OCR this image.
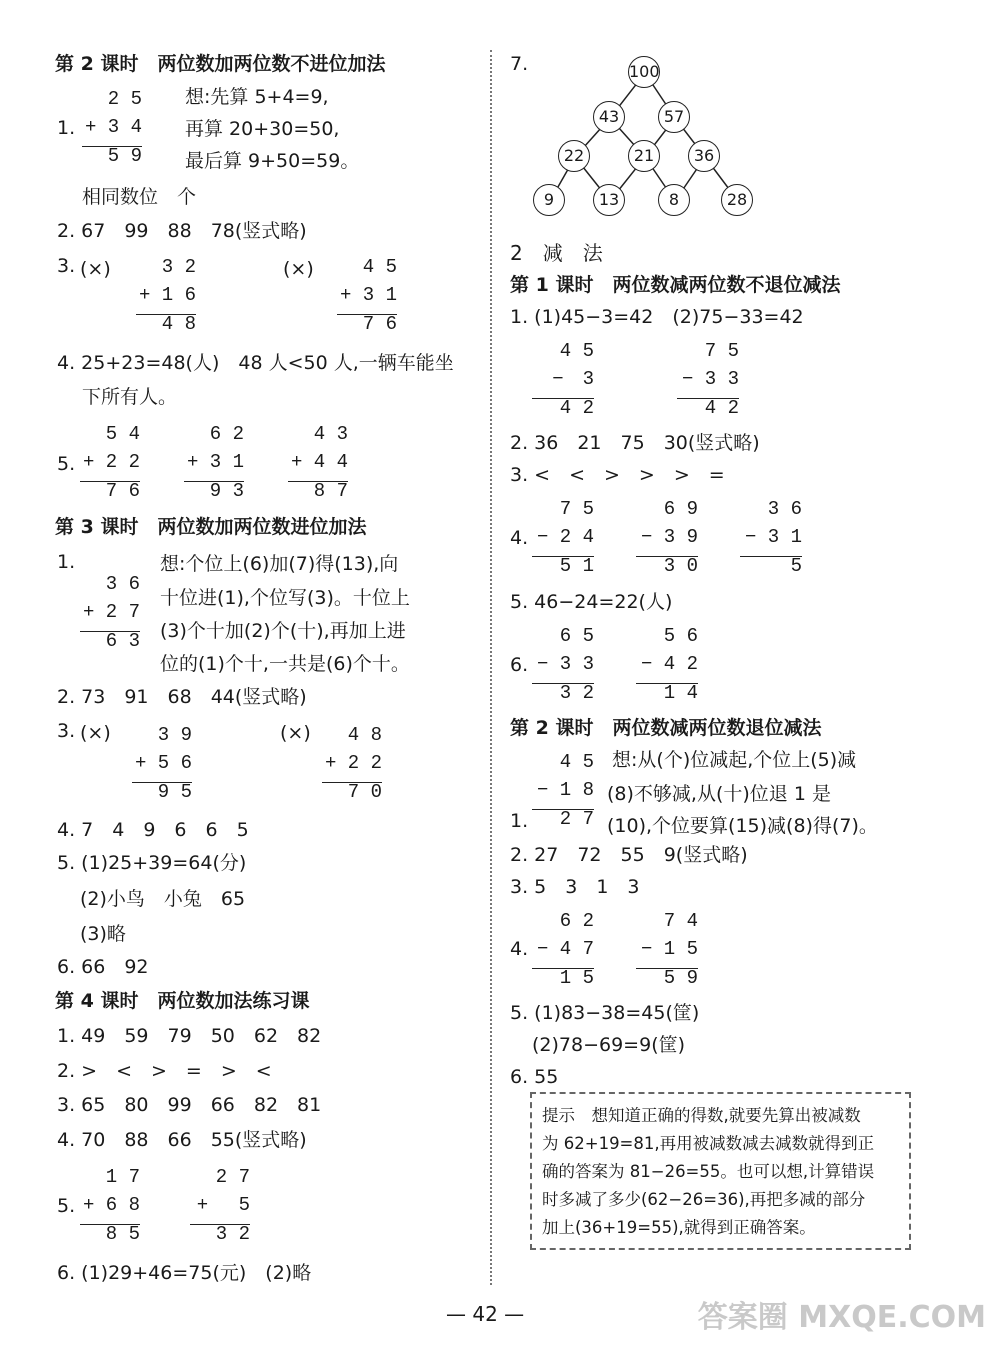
第 2 课时　两位数加两位数不进位加法
1.
2 5
+ 3 4
5 9
想:先算 5+4=9,
再算 20+30=50,
最后算 9+50=59。
相同数位　个
2. 67　99　88　78(竖式略)
3. (×)	3 2
+ 1 6
4 8
(×)	4 5
+ 3 1
7 6
4. 25+23=48(人)　48 人<50 人,一辆车能坐
下所有人。
5.
5 4
+ 2 2
7 6
6 2
+ 3 1
9 3
4 3
+ 4 4
8 7
第 3 课时　两位数加两位数进位加法
1.
3 6
+ 2 7
6 3
想:个位上(6)加(7)得(13),向
十位进(1),个位写(3)。十位上
(3)个十加(2)个(十),再加上进
位的(1)个十,一共是(6)个十。
2. 73　91　68　44(竖式略)
3. (×)	3 9
+ 5 6
9 5
(×)	4 8
+ 2 2
7 0
4. 7　4　9　6　6　5
5. (1)25+39=64(分)
(2)小鸟　小兔　65
(3)略
6. 66　92
第 4 课时　两位数加法练习课
1. 49　59　79　50　62　82
2. >　<　>　=　>　<
3. 65　80　99　66　82　81
4. 70　88　66　55(竖式略)
5.
1 7
+ 6 8
8 5
2 7
+ 　5
3 2
6. (1)29+46=75(元)　(2)略
7.	100
43	57
22	21	36
9	13	8	28
2　减　法
第 1 课时　两位数减两位数不退位减法
1. (1)45−3=42　(2)75−33=42
4 5
−　3
4 2
7 5
− 3 3
4 2
2. 36　21　75　30(竖式略)
3. <　<　>　>　>　=
4.
7 5
− 2 4
5 1
6 9
− 3 9
3 0
3 6
− 3 1
5
5. 46−24=22(人)
6.
6 5
− 3 3
3 2
5 6
− 4 2
1 4
第 2 课时　两位数减两位数退位减法
1.
4 5
− 1 8
2 7
想:从(个)位减起,个位上(5)减
(8)不够减,从(十)位退 1 是
(10),个位要算(15)减(8)得(7)。
2. 27　72　55　9(竖式略)
3. 5　3　1　3
4.
6 2
− 4 7
1 5
7 4
− 1 5
5 9
5. (1)83−38=45(筐)
(2)78−69=9(筐)
6. 55
提示　想知道正确的得数,就要先算出被减数
为 62+19=81,再用被减数减去减数就得到正
确的答案为 81−26=55。也可以想,计算错误
时多减了多少(62−26=36),再把多减的部分
加上(36+19=55),就得到正确答案。
— 42 —	答案圈 MXQE.COM
